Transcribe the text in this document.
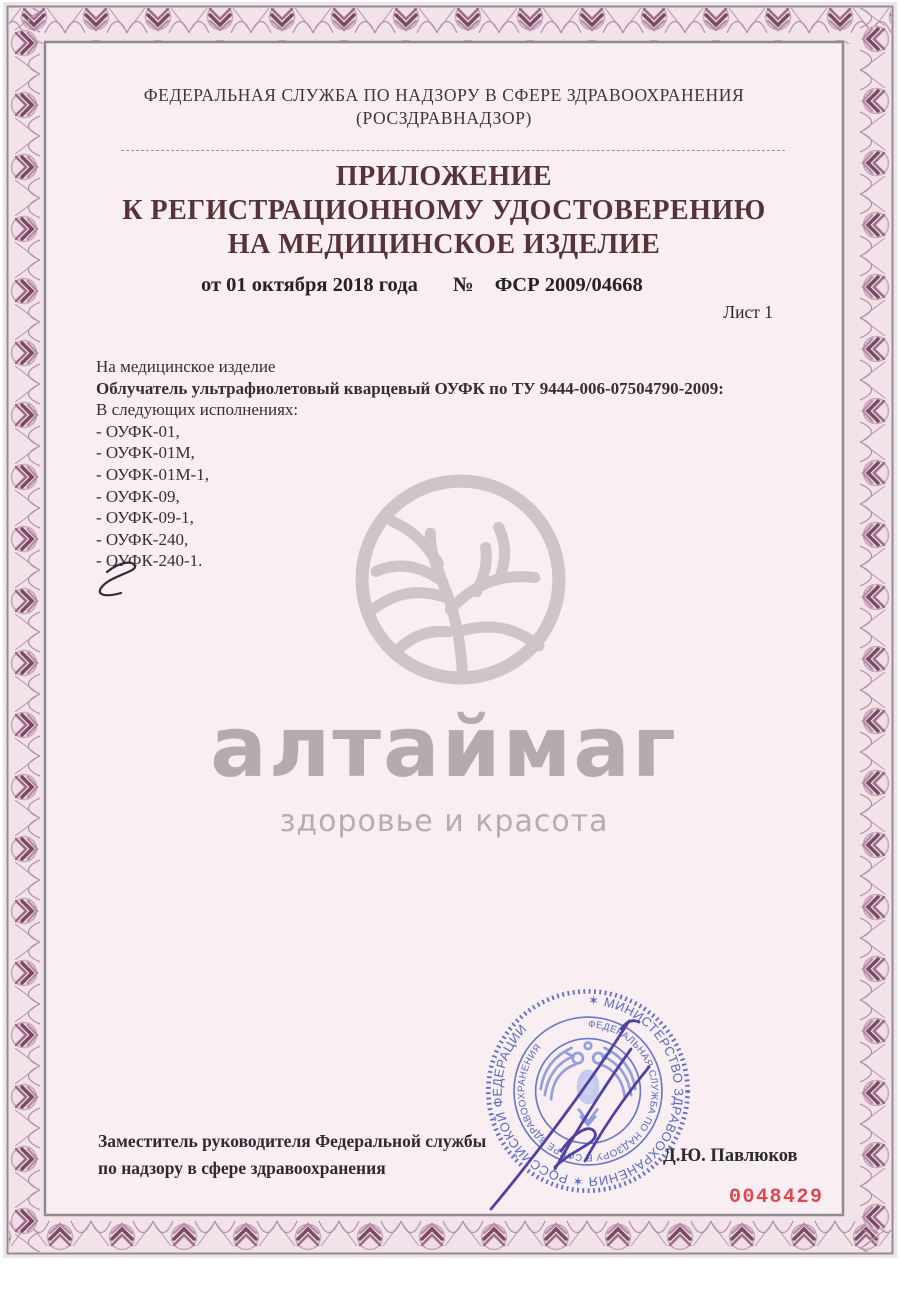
алтаймаг
здоровье и красота
ФЕДЕРАЛЬНАЯ СЛУЖБА ПО НАДЗОРУ В СФЕРЕ ЗДРАВООХРАНЕНИЯ
(РОСЗДРАВНАДЗОР)
ПРИЛОЖЕНИЕ
К РЕГИСТРАЦИОННОМУ УДОСТОВЕРЕНИЮ
НА МЕДИЦИНСКОЕ ИЗДЕЛИЕ
от 01 октября 2018 года № ФСР 2009/04668
Лист 1
На медицинское изделие
Облучатель ультрафиолетовый кварцевый ОУФК по ТУ 9444-006-07504790-2009:
В следующих исполнениях:
- ОУФК-01,
- ОУФК-01М,
- ОУФК-01М-1,
- ОУФК-09,
- ОУФК-09-1,
- ОУФК-240,
- ОУФК-240-1.
✶ МИНИСТЕРСТВО ЗДРАВООХРАНЕНИЯ ✶ РОССИЙСКОЙ ФЕДЕРАЦИИ	ФЕДЕРАЛЬНАЯ СЛУЖБА ПО НАДЗОРУ В СФЕРЕ ЗДРАВООХРАНЕНИЯ
Заместитель руководителя Федеральной службы
по надзору в сфере здравоохранения
Д.Ю. Павлюков
0048429
